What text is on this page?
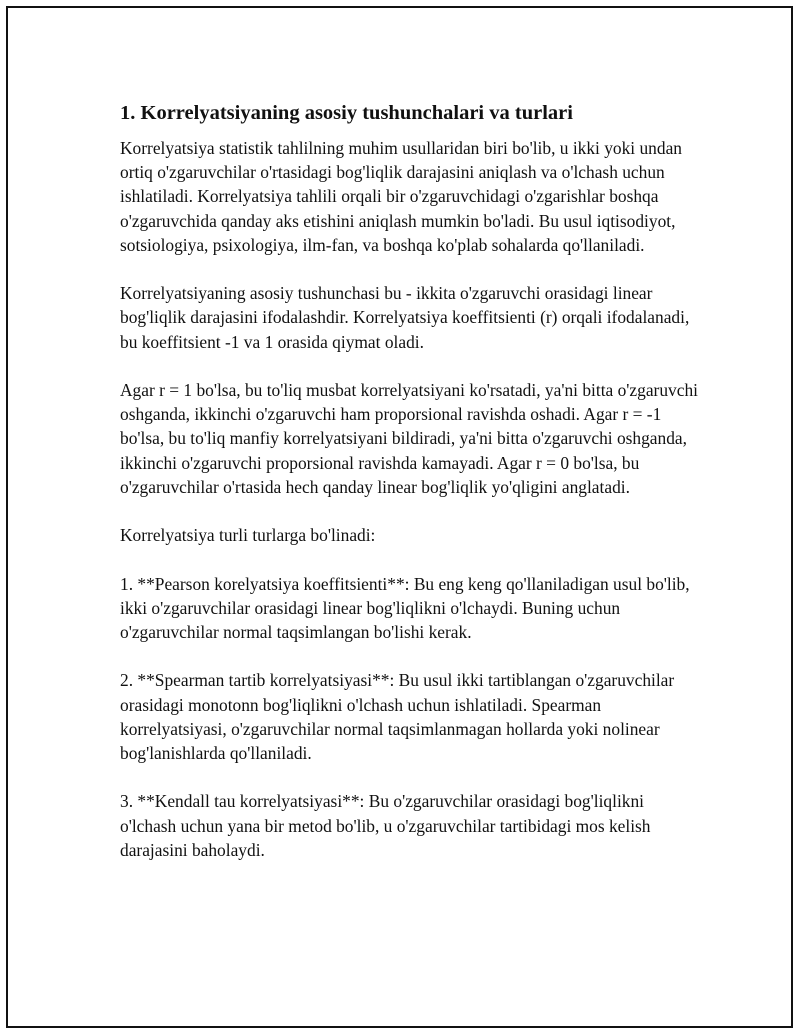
1. Korrelyatsiyaning asosiy tushunchalari va turlari

Korrelyatsiya statistik tahlilning muhim usullaridan biri bo'lib, u ikki yoki undan ortiq o'zgaruvchilar o'rtasidagi bog'liqlik darajasini aniqlash va o'lchash uchun ishlatiladi. Korrelyatsiya tahlili orqali bir o'zgaruvchidagi o'zgarishlar boshqa o'zgaruvchida qanday aks etishini aniqlash mumkin bo'ladi. Bu usul iqtisodiyot, sotsiologiya, psixologiya, ilm-fan, va boshqa ko'plab sohalarda qo'llaniladi.

Korrelyatsiyaning asosiy tushunchasi bu - ikkita o'zgaruvchi orasidagi linear bog'liqlik darajasini ifodalashdir. Korrelyatsiya koeffitsienti (r) orqali ifodalanadi, bu koeffitsient -1 va 1 orasida qiymat oladi.

Agar r = 1 bo'lsa, bu to'liq musbat korrelyatsiyani ko'rsatadi, ya'ni bitta o'zgaruvchi oshganda, ikkinchi o'zgaruvchi ham proporsional ravishda oshadi. Agar r = -1 bo'lsa, bu to'liq manfiy korrelyatsiyani bildiradi, ya'ni bitta o'zgaruvchi oshganda, ikkinchi o'zgaruvchi proporsional ravishda kamayadi. Agar r = 0 bo'lsa, bu o'zgaruvchilar o'rtasida hech qanday linear bog'liqlik yo'qligini anglatadi.

Korrelyatsiya turli turlarga bo'linadi:

1. **Pearson korelyatsiya koeffitsienti**: Bu eng keng qo'llaniladigan usul bo'lib, ikki o'zgaruvchilar orasidagi linear bog'liqlikni o'lchaydi. Buning uchun o'zgaruvchilar normal taqsimlangan bo'lishi kerak.

2. **Spearman tartib korrelyatsiyasi**: Bu usul ikki tartiblangan o'zgaruvchilar orasidagi monotonn bog'liqlikni o'lchash uchun ishlatiladi. Spearman korrelyatsiyasi, o'zgaruvchilar normal taqsimlanmagan hollarda yoki nolinear bog'lanishlarda qo'llaniladi.

3. **Kendall tau korrelyatsiyasi**: Bu o'zgaruvchilar orasidagi bog'liqlikni o'lchash uchun yana bir metod bo'lib, u o'zgaruvchilar tartibidagi mos kelish darajasini baholaydi.
